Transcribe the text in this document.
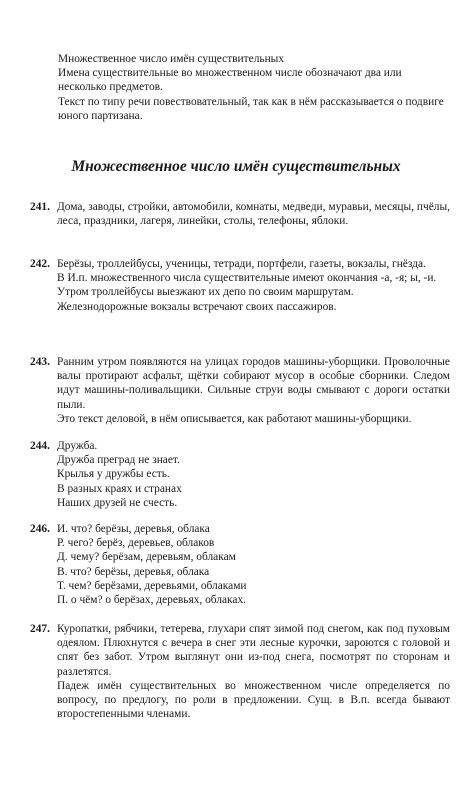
Множественное число имён существительных

Имена существительные во множественном числе обозначают два или несколько предметов.

Текст по типу речи повествовательный, так как в нём рассказывается о подвиге юного партизана.

Множественное число имён существительных
241. Дома, заводы, стройки, автомобили, комнаты, медведи, муравьи, месяцы, пчёлы, леса, праздники, лагеря, линейки, столы, телефоны, яблоки.

242. Берёзы, троллейбусы, ученицы, тетради, портфели, газеты, вокзалы, гнёзда.

В И.п. множественного числа существительные имеют окончания -а, -я; ы, -и.

Утром троллейбусы выезжают их депо по своим маршрутам.

Железнодорожные вокзалы встречают своих пассажиров.

243. Ранним утром появляются на улицах городов машины-уборщики. Проволочные валы протирают асфальт, щётки собирают мусор в особые сборники. Следом идут машины-поливальщики. Сильные струи воды смывают с дороги остатки пыли.

Это текст деловой, в нём описывается, как работают машины-уборщики.

244. Дружба.

Дружба преград не знает.

Крылья у дружбы есть.

В разных краях и странах

Наших друзей не счесть.

246. И. что? берёзы, деревья, облака

Р. чего? берёз, деревьев, облаков

Д. чему? берёзам, деревьям, облакам

В. что? берёзы, деревья, облака

Т. чем? берёзами, деревьями, облаками

П. о чём? о берёзах, деревьях, облаках.

247. Куропатки, рябчики, тетерева, глухари спят зимой под снегом, как под пуховым одеялом. Плюхнутся с вечера в снег эти лесные курочки, зароются с головой и спят без забот. Утром выглянут они из-под снега, посмотрят по сторонам и разлетятся.

Падеж имён существительных во множественном числе определяется по вопросу, по предлогу, по роли в предложении. Сущ. в В.п. всегда бывают второстепенными членами.
